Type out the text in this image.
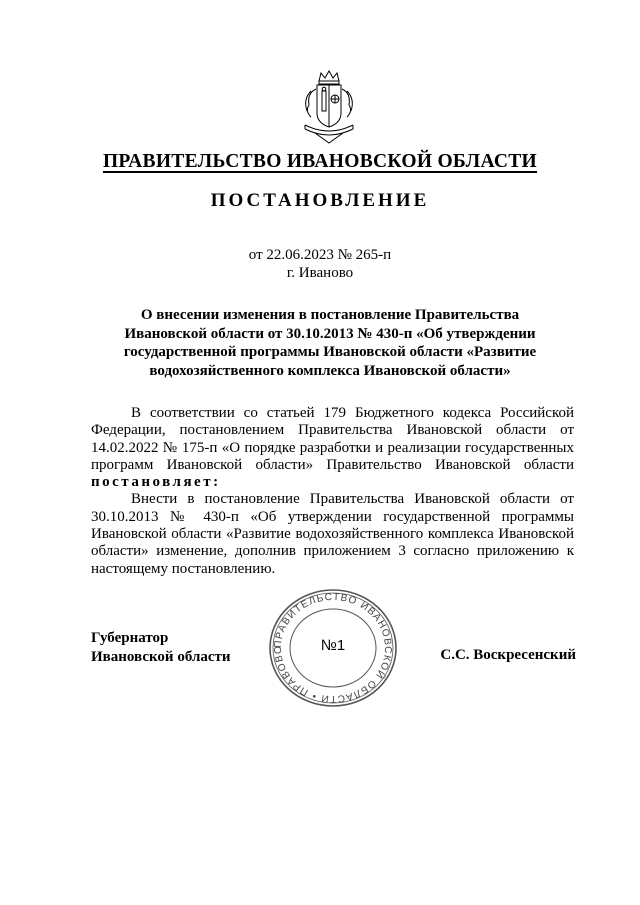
ПРАВИТЕЛЬСТВО ИВАНОВСКОЙ ОБЛАСТИ
ПОСТАНОВЛЕНИЕ
от 22.06.2023 № 265-п
г. Иваново
О внесении изменения в постановление Правительства
Ивановской области от 30.10.2013 № 430-п «Об утверждении
государственной программы Ивановской области «Развитие
водохозяйственного комплекса Ивановской области»

В соответствии со статьей 179 Бюджетного кодекса Российской Федерации, постановлением Правительства Ивановской области от 14.02.2022 № 175-п «О порядке разработки и реализации государственных программ Ивановской области» Правительство Ивановской области постановляет:

Внести в постановление Правительства Ивановской области от 30.10.2013 № 430-п «Об утверждении государственной программы Ивановской области «Развитие водохозяйственного комплекса Ивановской области» изменение, дополнив приложением 3 согласно приложению к настоящему постановлению.

Губернатор
Ивановской области
ПРАВИТЕЛЬСТВО ИВАНОВСКОЙ ОБЛАСТИ • ПРАВОВО	№1
С.С. Воскресенский
